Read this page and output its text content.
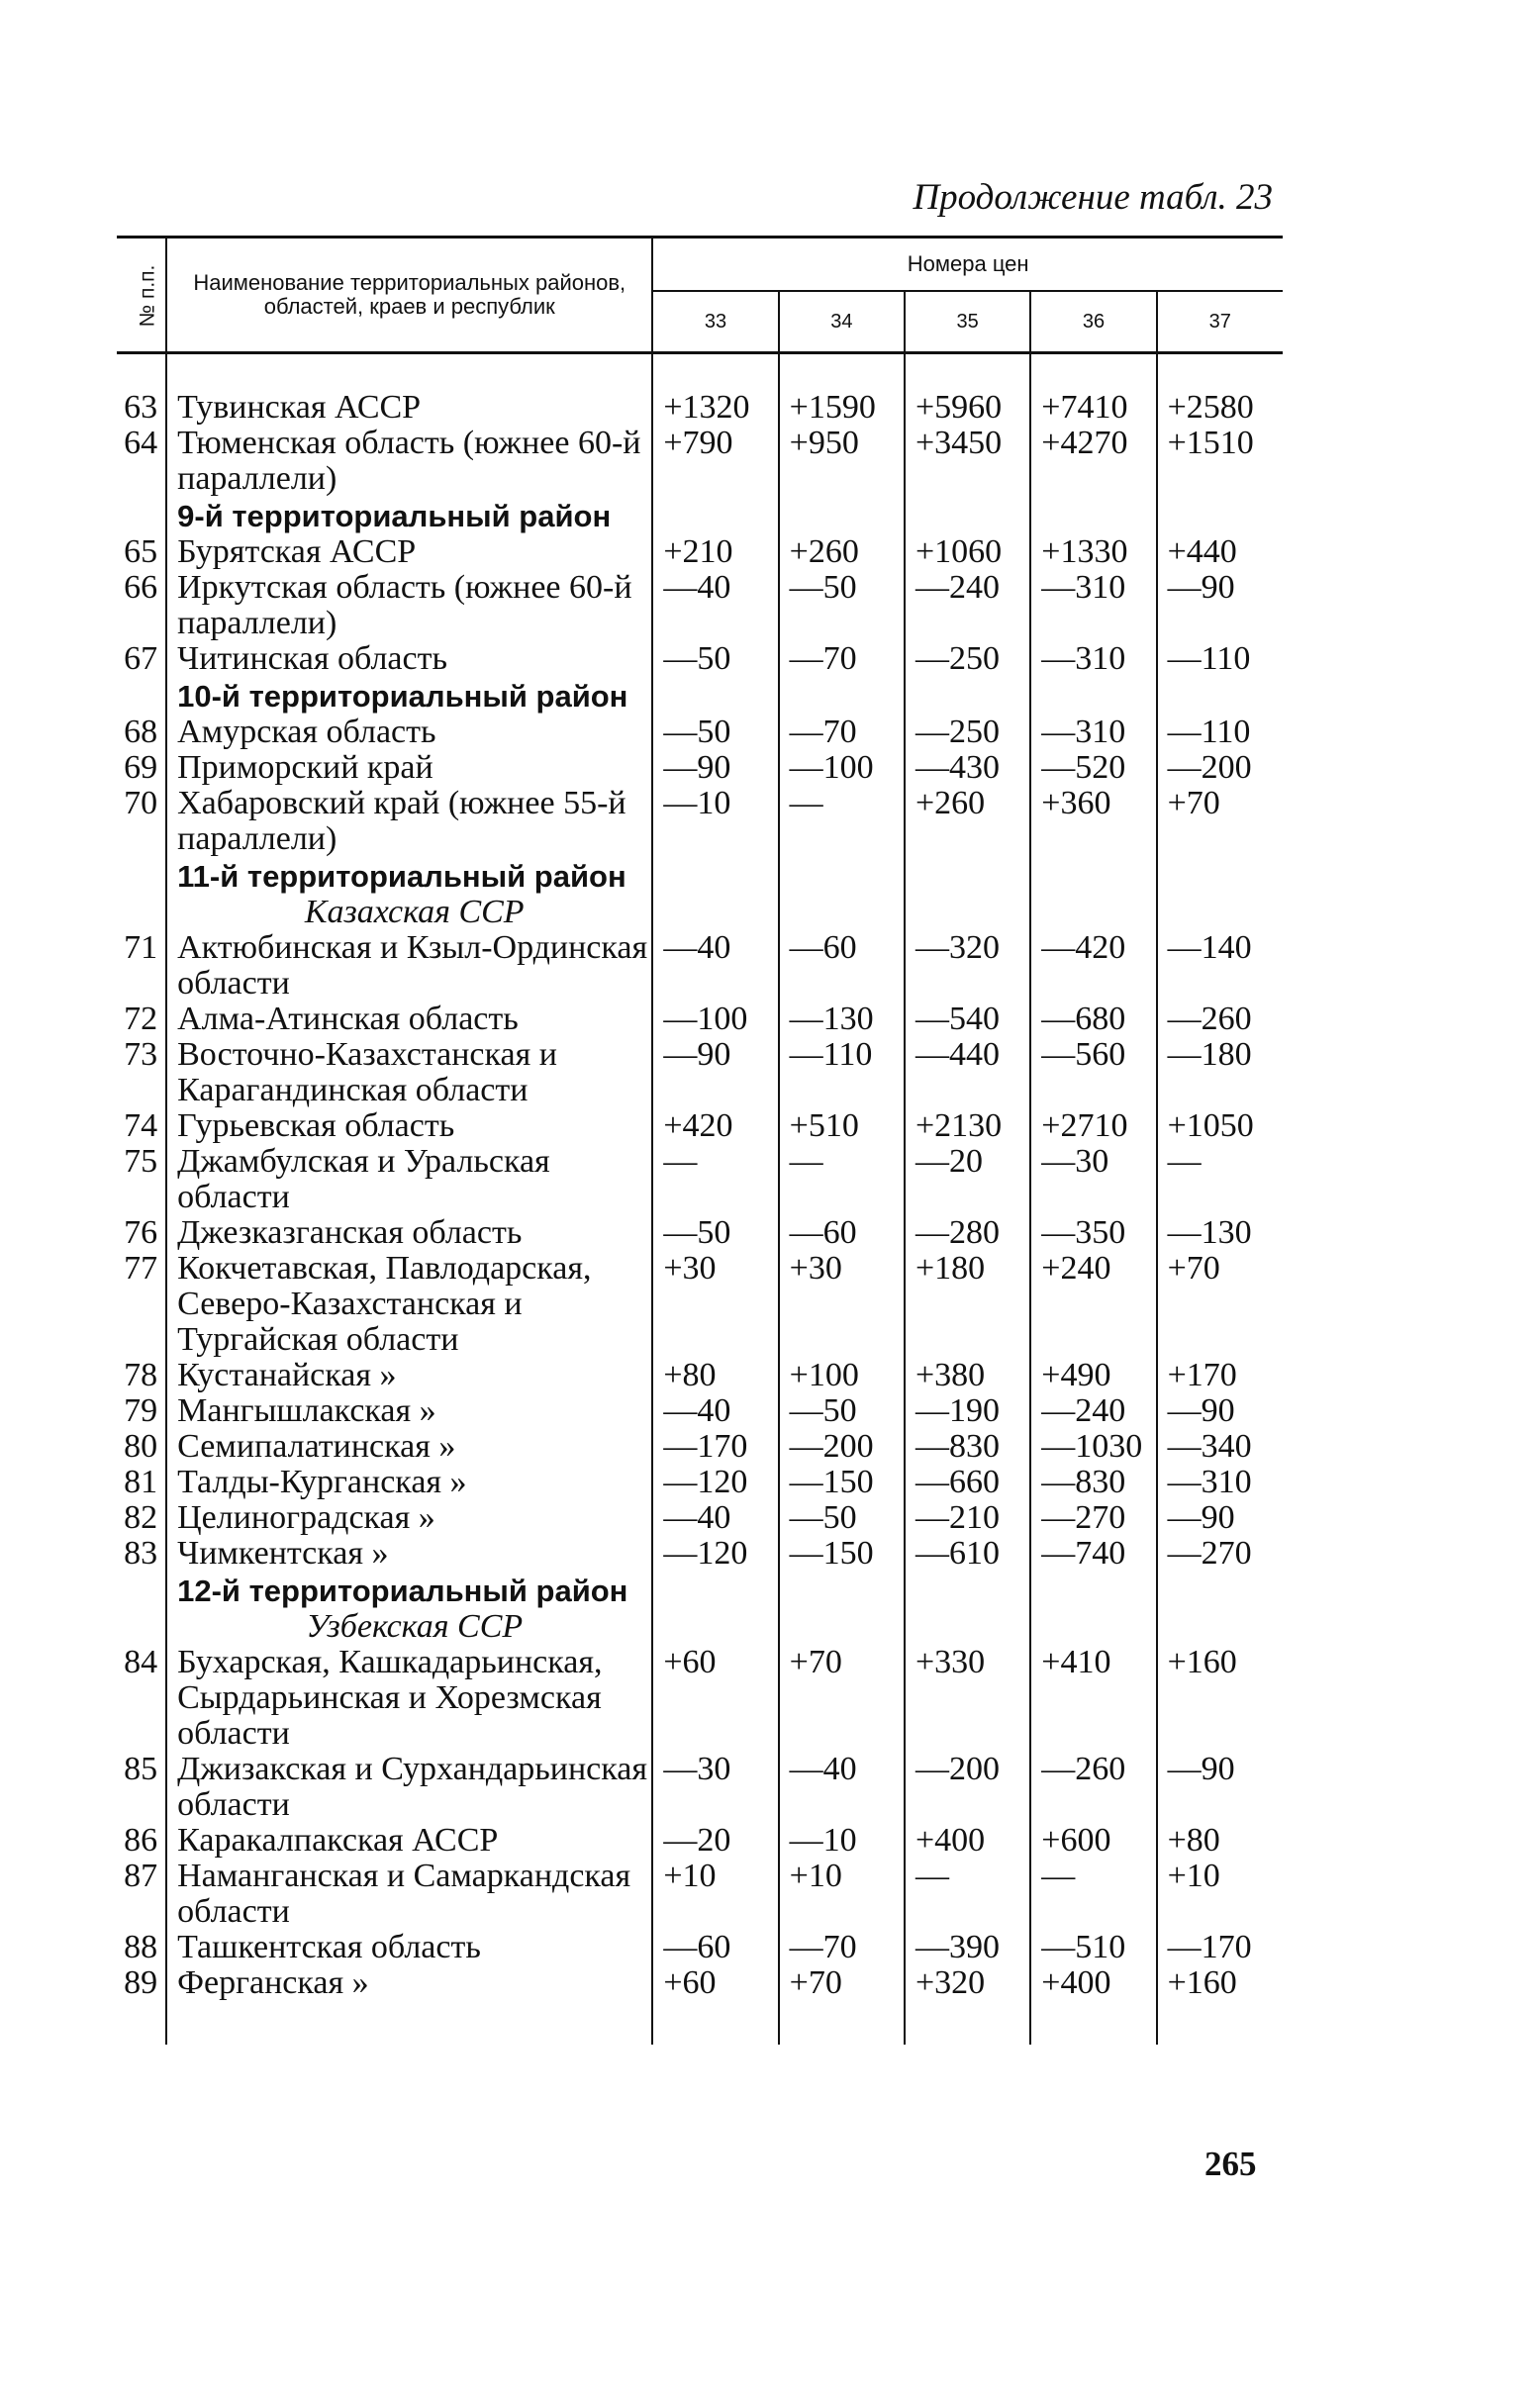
Продолжение табл. 23
№ п.п.	Наименование территориальных районов, областей, краев и республик	Номера цен				
		33	34	35	36	37
63	Тувинская АССР	+1320	+1590	+5960	+7410	+2580
64	Тюменская область (южнее 60-й параллели)	+790	+950	+3450	+4270	+1510
	9-й территориальный район					
65	Бурятская АССР	+210	+260	+1060	+1330	+440
66	Иркутская область (южнее 60-й параллели)	—40	—50	—240	—310	—90
67	Читинская область	—50	—70	—250	—310	—110
	10-й территориальный район					
68	Амурская область	—50	—70	—250	—310	—110
69	Приморский край	—90	—100	—430	—520	—200
70	Хабаровский край (южнее 55-й параллели)	—10	—	+260	+360	+70
	11-й территориальный район					
	Казахская ССР					
71	Актюбинская и Кзыл-Ординская области	—40	—60	—320	—420	—140
72	Алма-Атинская область	—100	—130	—540	—680	—260
73	Восточно-Казахстанская и Карагандинская области	—90	—110	—440	—560	—180
74	Гурьевская область	+420	+510	+2130	+2710	+1050
75	Джамбулская и Уральская области	—	—	—20	—30	—
76	Джезказганская область	—50	—60	—280	—350	—130
77	Кокчетавская, Павлодарская, Северо-Казахстанская и Тургайская области	+30	+30	+180	+240	+70
78	Кустанайская »	+80	+100	+380	+490	+170
79	Мангышлакская »	—40	—50	—190	—240	—90
80	Семипалатинская »	—170	—200	—830	—1030	—340
81	Талды-Курганская »	—120	—150	—660	—830	—310
82	Целиноградская »	—40	—50	—210	—270	—90
83	Чимкентская »	—120	—150	—610	—740	—270
	12-й территориальный район					
	Узбекская ССР					
84	Бухарская, Кашкадарьинская, Сырдарьинская и Хорезмская области	+60	+70	+330	+410	+160
85	Джизакская и Сурхандарьинская области	—30	—40	—200	—260	—90
86	Каракалпакская АССР	—20	—10	+400	+600	+80
87	Наманганская и Самаркандская области	+10	+10	—	—	+10
88	Ташкентская область	—60	—70	—390	—510	—170
89	Ферганская »	+60	+70	+320	+400	+160
265
